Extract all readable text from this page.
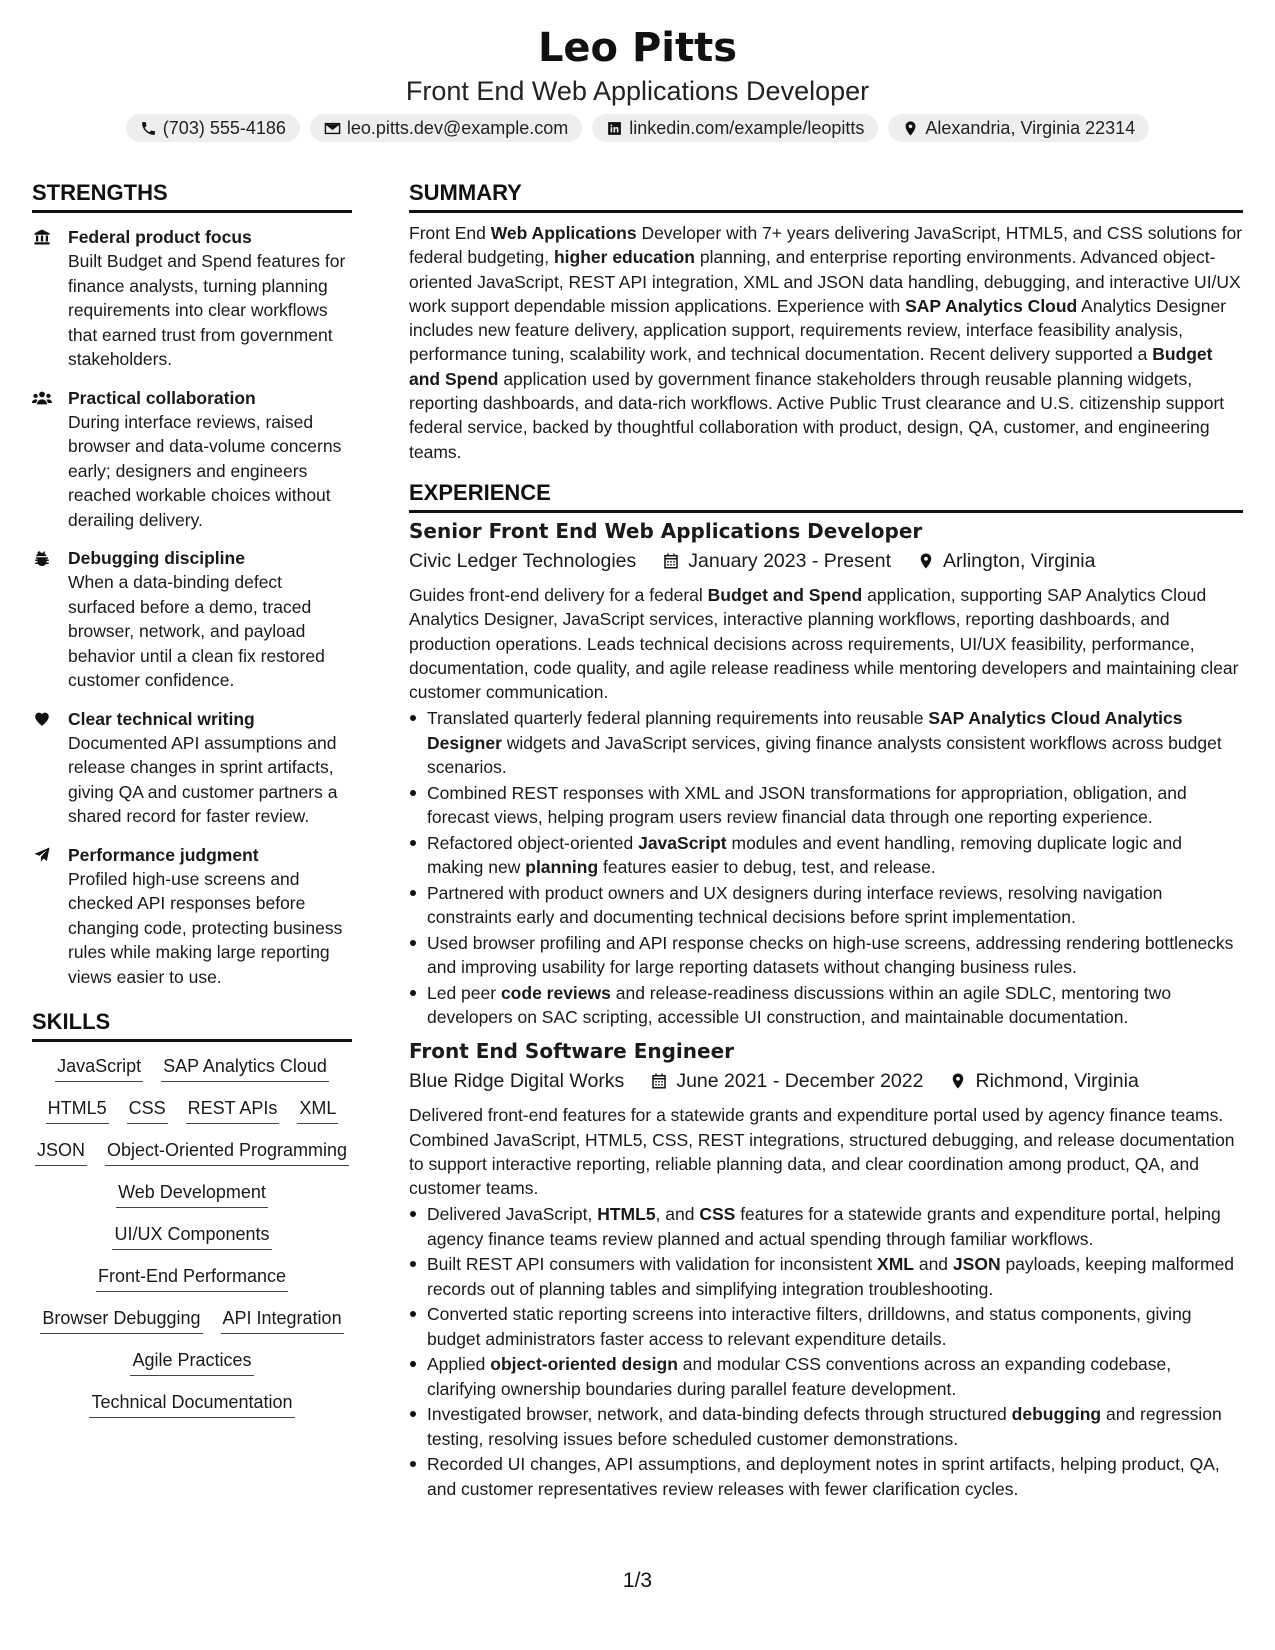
Leo Pitts
Front End Web Applications Developer
(703) 555-4186	leo.pitts.dev@example.com	linkedin.com/example/leopitts	Alexandria, Virginia 22314
STRENGTHS
Federal product focus
Built Budget and Spend features for finance analysts, turning planning requirements into clear workflows that earned trust from government stakeholders.
Practical collaboration
During interface reviews, raised browser and data-volume concerns early; designers and engineers reached workable choices without derailing delivery.
Debugging discipline
When a data-binding defect surfaced before a demo, traced browser, network, and payload behavior until a clean fix restored customer confidence.
Clear technical writing
Documented API assumptions and release changes in sprint artifacts, giving QA and customer partners a shared record for faster review.
Performance judgment
Profiled high-use screens and checked API responses before changing code, protecting business rules while making large reporting views easier to use.
SKILLS
JavaScript SAP Analytics Cloud
HTML5 CSS REST APIs XML
JSON Object-Oriented Programming
Web Development
UI/UX Components
Front-End Performance
Browser Debugging API Integration
Agile Practices
Technical Documentation
SUMMARY
Front End Web Applications Developer with 7+ years delivering JavaScript, HTML5, and CSS solutions for federal budgeting, higher education planning, and enterprise reporting environments. Advanced object-oriented JavaScript, REST API integration, XML and JSON data handling, debugging, and interactive UI/UX work support dependable mission applications. Experience with SAP Analytics Cloud Analytics Designer includes new feature delivery, application support, requirements review, interface feasibility analysis, performance tuning, scalability work, and technical documentation. Recent delivery supported a Budget and Spend application used by government finance stakeholders through reusable planning widgets, reporting dashboards, and data-rich workflows. Active Public Trust clearance and U.S. citizenship support federal service, backed by thoughtful collaboration with product, design, QA, customer, and engineering teams.
EXPERIENCE
Senior Front End Web Applications Developer
Civic Ledger Technologies	January 2023 - Present	Arlington, Virginia
Guides front-end delivery for a federal Budget and Spend application, supporting SAP Analytics Cloud Analytics Designer, JavaScript services, interactive planning workflows, reporting dashboards, and production operations. Leads technical decisions across requirements, UI/UX feasibility, performance, documentation, code quality, and agile release readiness while mentoring developers and maintaining clear customer communication.
Translated quarterly federal planning requirements into reusable SAP Analytics Cloud Analytics Designer widgets and JavaScript services, giving finance analysts consistent workflows across budget scenarios.
Combined REST responses with XML and JSON transformations for appropriation, obligation, and forecast views, helping program users review financial data through one reporting experience.
Refactored object-oriented JavaScript modules and event handling, removing duplicate logic and making new planning features easier to debug, test, and release.
Partnered with product owners and UX designers during interface reviews, resolving navigation constraints early and documenting technical decisions before sprint implementation.
Used browser profiling and API response checks on high-use screens, addressing rendering bottlenecks and improving usability for large reporting datasets without changing business rules.
Led peer code reviews and release-readiness discussions within an agile SDLC, mentoring two developers on SAC scripting, accessible UI construction, and maintainable documentation.
Front End Software Engineer
Blue Ridge Digital Works	June 2021 - December 2022	Richmond, Virginia
Delivered front-end features for a statewide grants and expenditure portal used by agency finance teams. Combined JavaScript, HTML5, CSS, REST integrations, structured debugging, and release documentation to support interactive reporting, reliable planning data, and clear coordination among product, QA, and customer teams.
Delivered JavaScript, HTML5, and CSS features for a statewide grants and expenditure portal, helping agency finance teams review planned and actual spending through familiar workflows.
Built REST API consumers with validation for inconsistent XML and JSON payloads, keeping malformed records out of planning tables and simplifying integration troubleshooting.
Converted static reporting screens into interactive filters, drilldowns, and status components, giving budget administrators faster access to relevant expenditure details.
Applied object-oriented design and modular CSS conventions across an expanding codebase, clarifying ownership boundaries during parallel feature development.
Investigated browser, network, and data-binding defects through structured debugging and regression testing, resolving issues before scheduled customer demonstrations.
Recorded UI changes, API assumptions, and deployment notes in sprint artifacts, helping product, QA, and customer representatives review releases with fewer clarification cycles.
1/3
